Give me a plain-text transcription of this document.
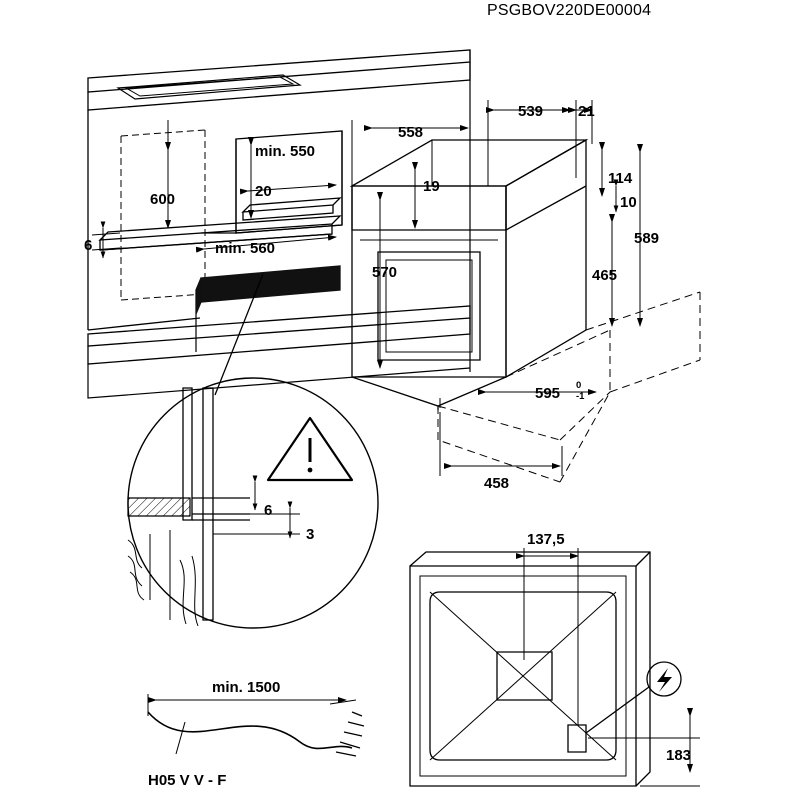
PSGBOV220DE00004
min. 550
600	20
min. 560
6
558
539 21
19	114
10
589
570	465
595 0
-1
458
6
3	137,5
183
min. 1500
H05 V V - F
